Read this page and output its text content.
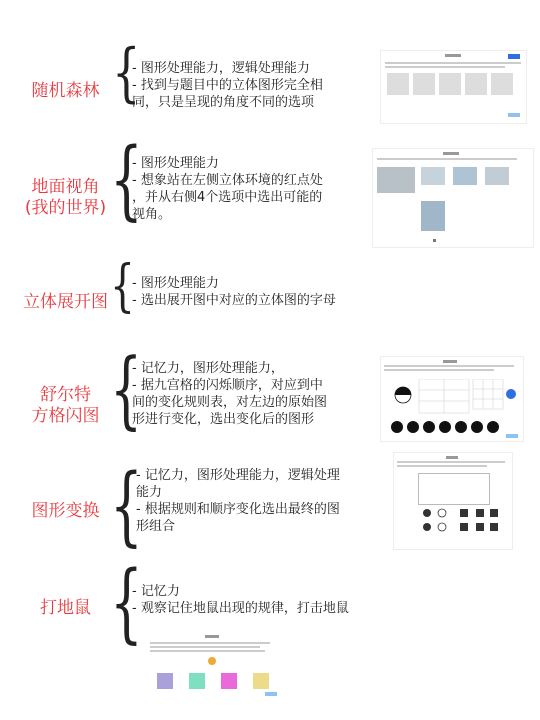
随机森林 {
- 图形处理能力，逻辑处理能力
- 找到与题目中的立体图形完全相
同，只是呈现的角度不同的选项
地面视角
(我的世界) {
- 图形处理能力
- 想象站在左侧立体环境的红点处
，并从右侧4个选项中选出可能的
视角。
立体展开图 {
- 图形处理能力
- 选出展开图中对应的立体图的字母
舒尔特
方格闪图 {
- 记忆力，图形处理能力，
- 据九宫格的闪烁顺序，对应到中
间的变化规则表，对左边的原始图
形进行变化，选出变化后的图形
图形变换 {
- 记忆力，图形处理能力，逻辑处理
能力
- 根据规则和顺序变化选出最终的图
形组合
打地鼠 {
- 记忆力
- 观察记住地鼠出现的规律，打击地鼠
